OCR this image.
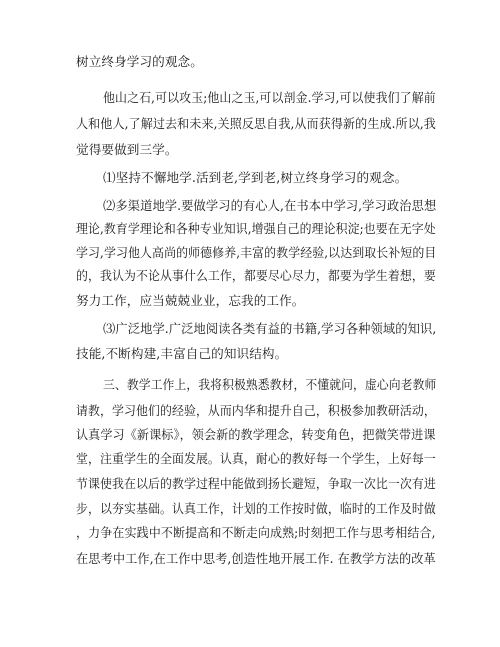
树立终身学习的观念。
他山之石,可以攻玉;他山之玉,可以剖金.学习,可以使我们了解前
人和他人,了解过去和未来,关照反思自我,从而获得新的生成.所以,我
觉得要做到三学。
⑴坚持不懈地学.活到老,学到老,树立终身学习的观念。
⑵多渠道地学.要做学习的有心人,在书本中学习,学习政治思想
理论,教育学理论和各种专业知识,增强自己的理论积淀;也要在无字处
学习,学习他人高尚的师德修养,丰富的教学经验,以达到取长补短的目
的，我认为不论从事什么工作，都要尽心尽力，都要为学生着想，要
努力工作，应当兢兢业业，忘我的工作。
⑶广泛地学.广泛地阅读各类有益的书籍,学习各种领域的知识,
技能,不断构建,丰富自己的知识结构。
三、教学工作上，我将积极熟悉教材，不懂就问，虚心向老教师
请教，学习他们的经验，从而内华和提升自己，积极参加教研活动，
认真学习《新课标》，领会新的教学理念，转变角色，把微笑带进课
堂，注重学生的全面发展。认真，耐心的教好每一个学生，上好每一
节课使我在以后的教学过程中能做到扬长避短，争取一次比一次有进
步，以夯实基础。认真工作，计划的工作按时做，临时的工作及时做
，力争在实践中不断提高和不断走向成熟;时刻把工作与思考相结合,
在思考中工作,在工作中思考,创造性地开展工作. 在教学方法的改革
